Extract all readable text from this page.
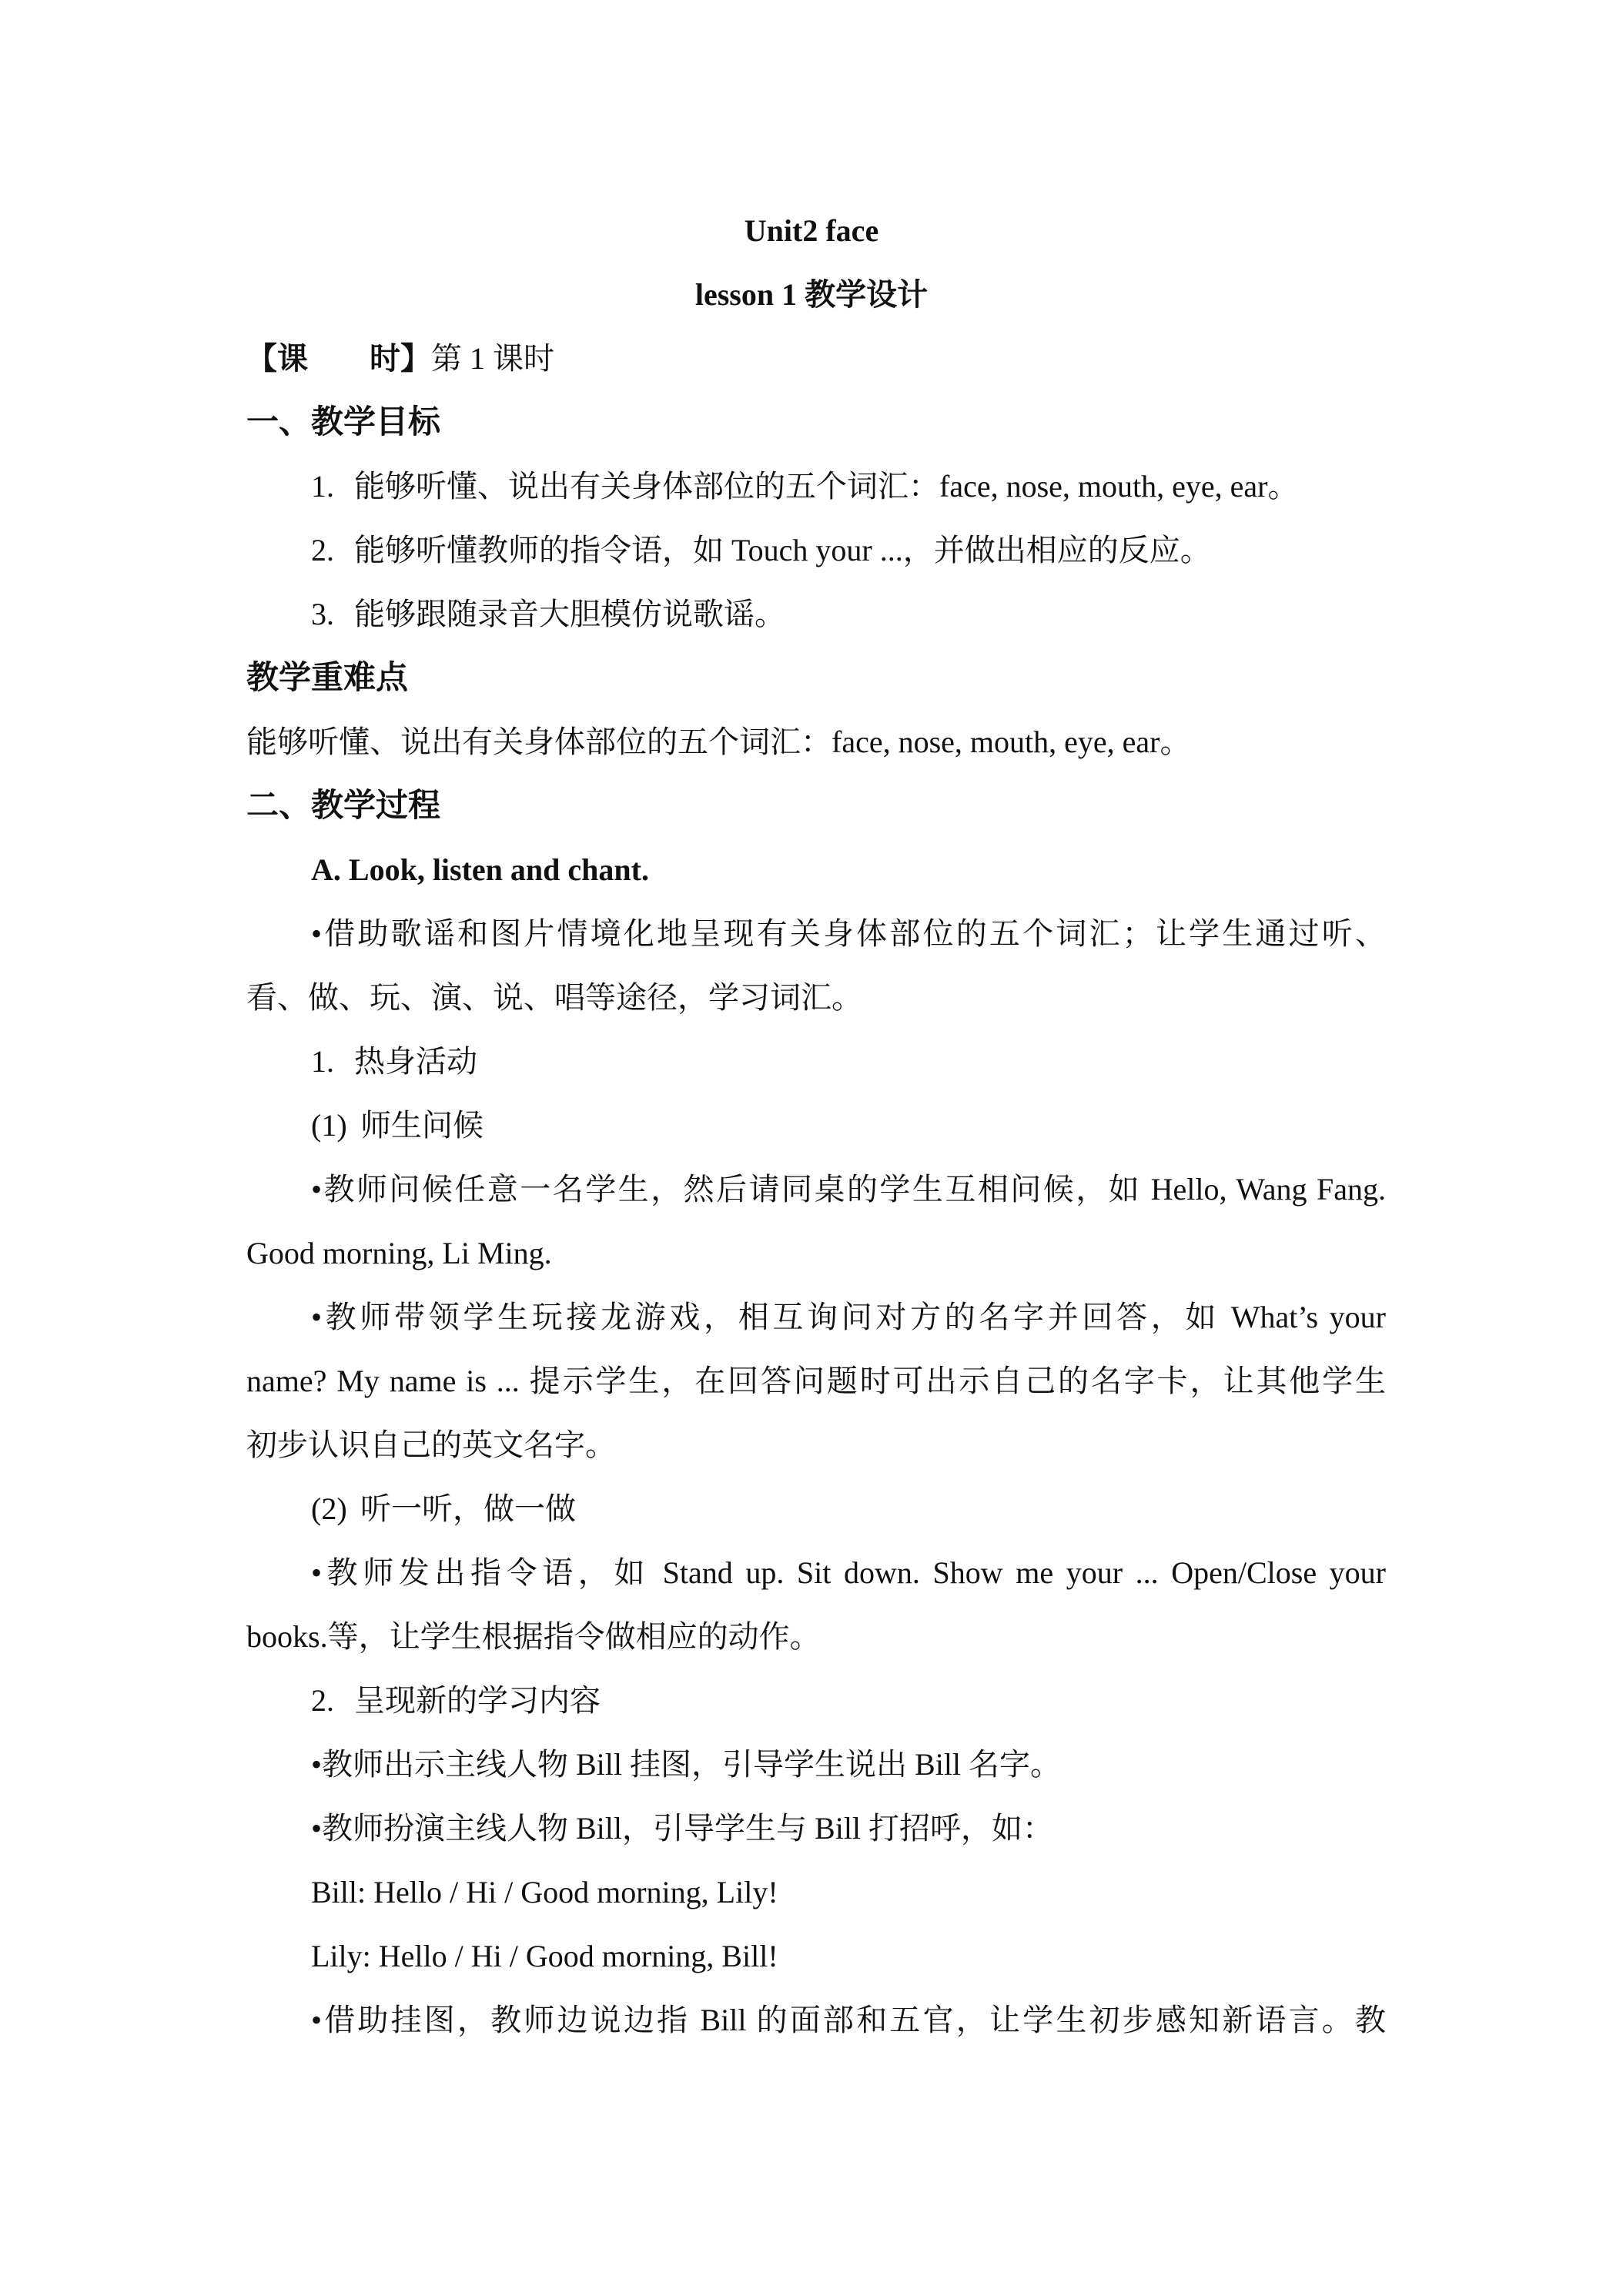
Unit2 face
lesson 1 教学设计
【课　　时】第 1 课时
一、教学目标
1. 能够听懂、说出有关身体部位的五个词汇：face, nose, mouth, eye, ear。
2. 能够听懂教师的指令语，如 Touch your ...，并做出相应的反应。
3. 能够跟随录音大胆模仿说歌谣。
教学重难点
能够听懂、说出有关身体部位的五个词汇：face, nose, mouth, eye, ear。
二、教学过程
A. Look, listen and chant.
•借助歌谣和图片情境化地呈现有关身体部位的五个词汇；让学生通过听、
看、做、玩、演、说、唱等途径，学习词汇。
1. 热身活动
(1) 师生问候
•教师问候任意一名学生，然后请同桌的学生互相问候，如 Hello, Wang Fang.
Good morning, Li Ming.
•教师带领学生玩接龙游戏，相互询问对方的名字并回答，如 What’s your
name? My name is ... 提示学生，在回答问题时可出示自己的名字卡，让其他学生
初步认识自己的英文名字。
(2) 听一听，做一做
•教师发出指令语，如 Stand up. Sit down. Show me your ... Open/Close your
books.等，让学生根据指令做相应的动作。
2. 呈现新的学习内容
•教师出示主线人物 Bill 挂图，引导学生说出 Bill 名字。
•教师扮演主线人物 Bill，引导学生与 Bill 打招呼，如：
Bill: Hello / Hi / Good morning, Lily!
Lily: Hello / Hi / Good morning, Bill!
•借助挂图，教师边说边指 Bill 的面部和五官，让学生初步感知新语言。教
